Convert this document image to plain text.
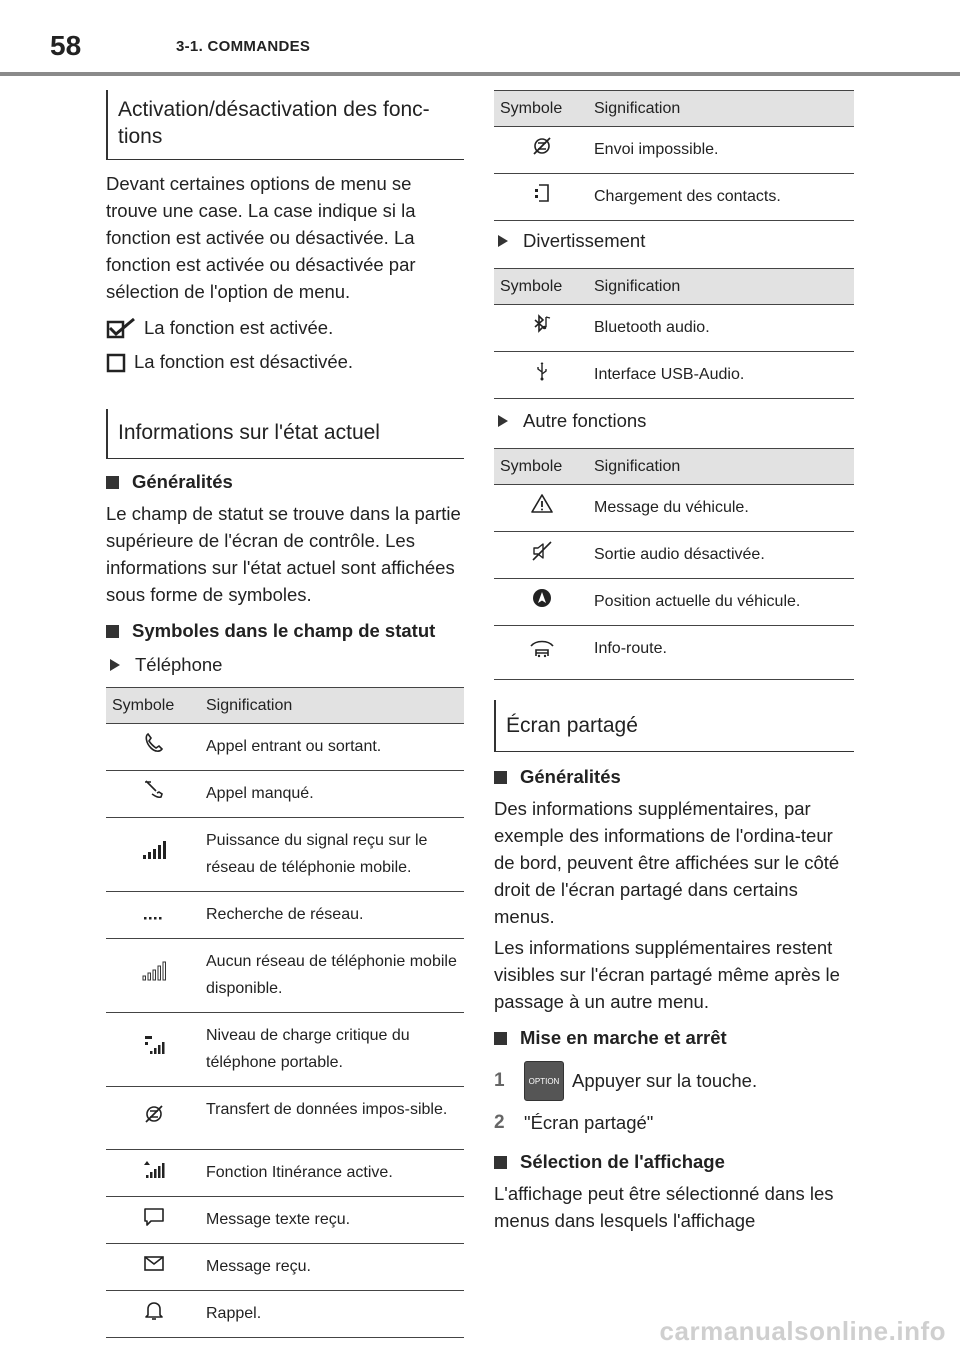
58	3-1. COMMANDES
Activation/désactivation des fonc-tions

Devant certaines options de menu se trouve une case. La case indique si la fonction est activée ou désactivée. La fonction est activée ou désactivée par sélection de l'option de menu.

La fonction est activée.
La fonction est désactivée.
Informations sur l'état actuel
Généralités

Le champ de statut se trouve dans la partie supérieure de l'écran de contrôle. Les informations sur l'état actuel sont affichées sous forme de symboles.

Symboles dans le champ de statut
Téléphone
Symbole	Signification
	Appel entrant ou sortant.
	Appel manqué.
	Puissance du signal reçu sur le réseau de téléphonie mobile.
	Recherche de réseau.
	Aucun réseau de téléphonie mobile disponible.
	Niveau de charge critique du téléphone portable.
	Transfert de données impos-sible.
	Fonction Itinérance active.
	Message texte reçu.
	Message reçu.
	Rappel.
Symbole	Signification
	Envoi impossible.
	Chargement des contacts.
Divertissement
Symbole	Signification
	Bluetooth audio.
	Interface USB-Audio.
Autre fonctions
Symbole	Signification
	Message du véhicule.
	Sortie audio désactivée.
	Position actuelle du véhicule.
	Info-route.
Écran partagé
Généralités

Des informations supplémentaires, par exemple des informations de l'ordina-teur de bord, peuvent être affichées sur le côté droit de l'écran partagé dans certains menus.

Les informations supplémentaires restent visibles sur l'écran partagé même après le passage à un autre menu.

Mise en marche et arrêt
1	OPTION Appuyer sur la touche.
2	"Écran partagé"
Sélection de l'affichage

L'affichage peut être sélectionné dans les menus dans lesquels l'affichage

carmanualsonline.info
